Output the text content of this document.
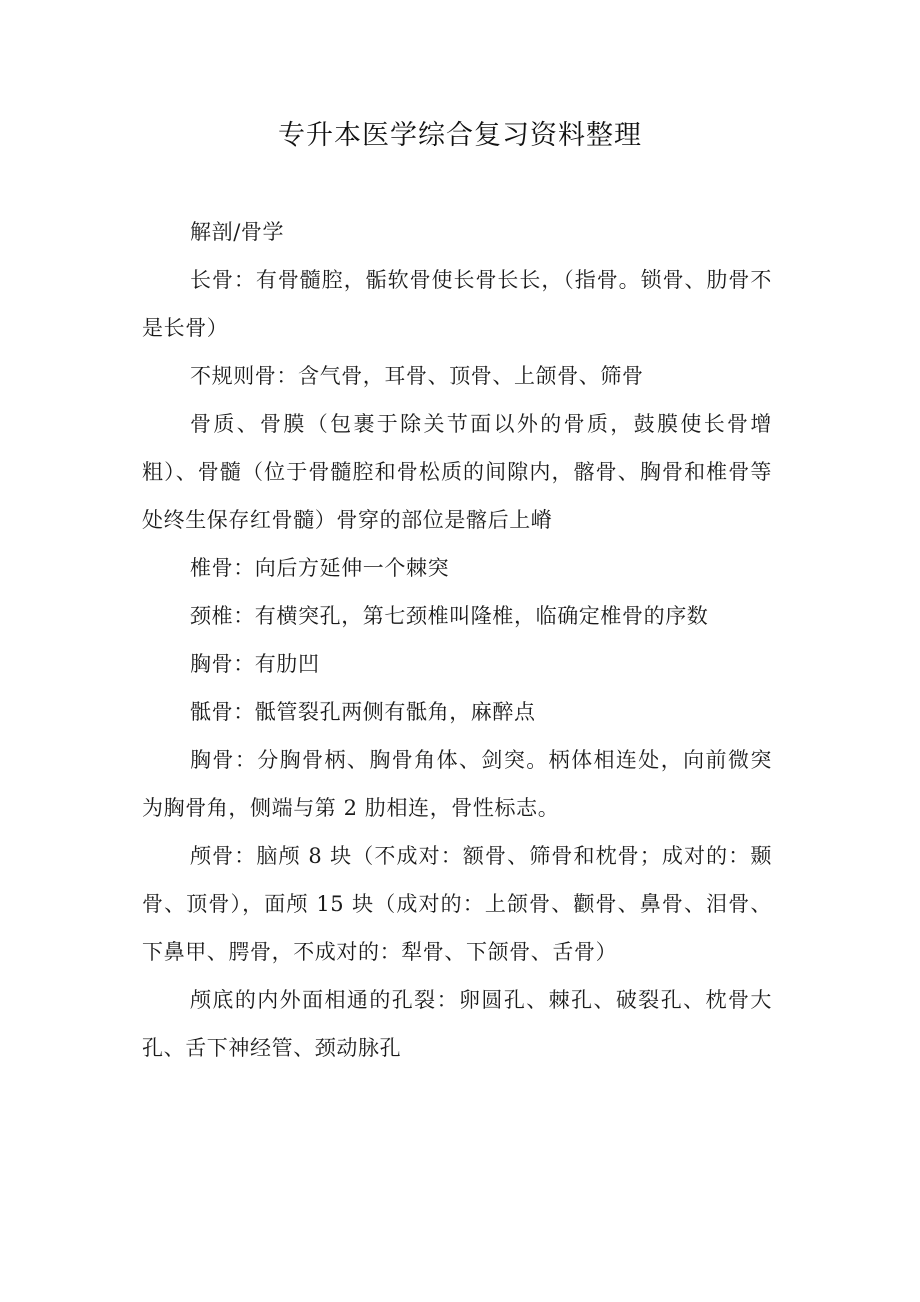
专升本医学综合复习资料整理

解剖/骨学

长骨：有骨髓腔，骺软骨使长骨长长，（指骨。锁骨、肋骨不是长骨）

不规则骨：含气骨，耳骨、顶骨、上颌骨、筛骨

骨质、骨膜（包裹于除关节面以外的骨质，鼓膜使长骨增粗）、骨髓（位于骨髓腔和骨松质的间隙内，髂骨、胸骨和椎骨等处终生保存红骨髓）骨穿的部位是髂后上嵴

椎骨：向后方延伸一个棘突

颈椎：有横突孔，第七颈椎叫隆椎，临确定椎骨的序数

胸骨：有肋凹

骶骨：骶管裂孔两侧有骶角，麻醉点

胸骨：分胸骨柄、胸骨角体、剑突。柄体相连处，向前微突为胸骨角，侧端与第 2 肋相连，骨性标志。

颅骨：脑颅 8 块（不成对：额骨、筛骨和枕骨；成对的：颞骨、顶骨），面颅 15 块（成对的：上颌骨、颧骨、鼻骨、泪骨、下鼻甲、腭骨，不成对的：犁骨、下颌骨、舌骨）

颅底的内外面相通的孔裂：卵圆孔、棘孔、破裂孔、枕骨大孔、舌下神经管、颈动脉孔
